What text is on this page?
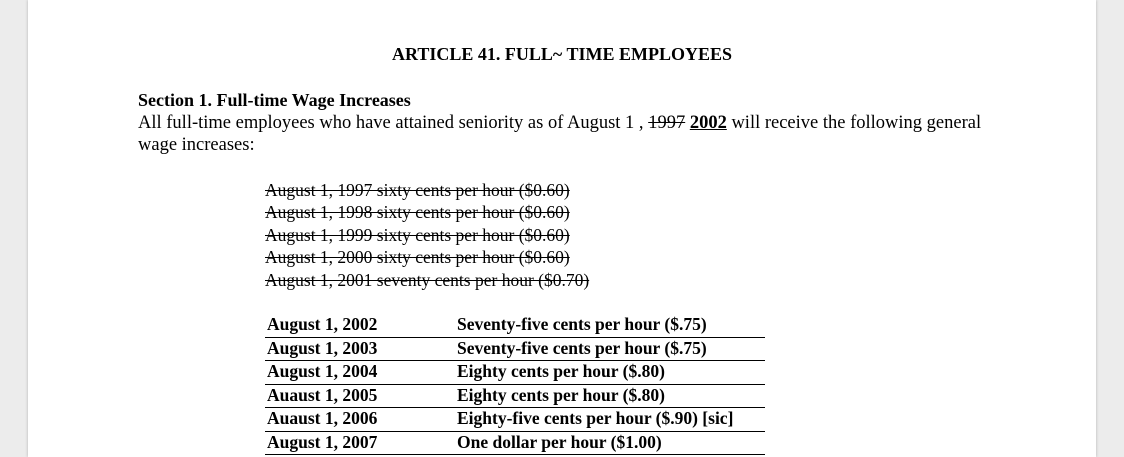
ARTICLE 41. FULL~ TIME EMPLOYEES
Section 1. Full-time Wage Increases
All full-time employees who have attained seniority as of August 1 , 1997 2002 will receive the following general wage increases:
August 1, 1997 sixty cents per hour ($0.60)
August 1, 1998 sixty cents per hour ($0.60)
August 1, 1999 sixty cents per hour ($0.60)
August 1, 2000 sixty cents per hour ($0.60)
August 1, 2001 seventy cents per hour ($0.70)
August 1, 2002	Seventy-five cents per hour ($.75)
August 1, 2003	Seventy-five cents per hour ($.75)
August 1, 2004	Eighty cents per hour ($.80)
Auaust 1, 2005	Eighty cents per hour ($.80)
Auaust 1, 2006	Eighty-five cents per hour ($.90) [sic]
August 1, 2007	One dollar per hour ($1.00)
